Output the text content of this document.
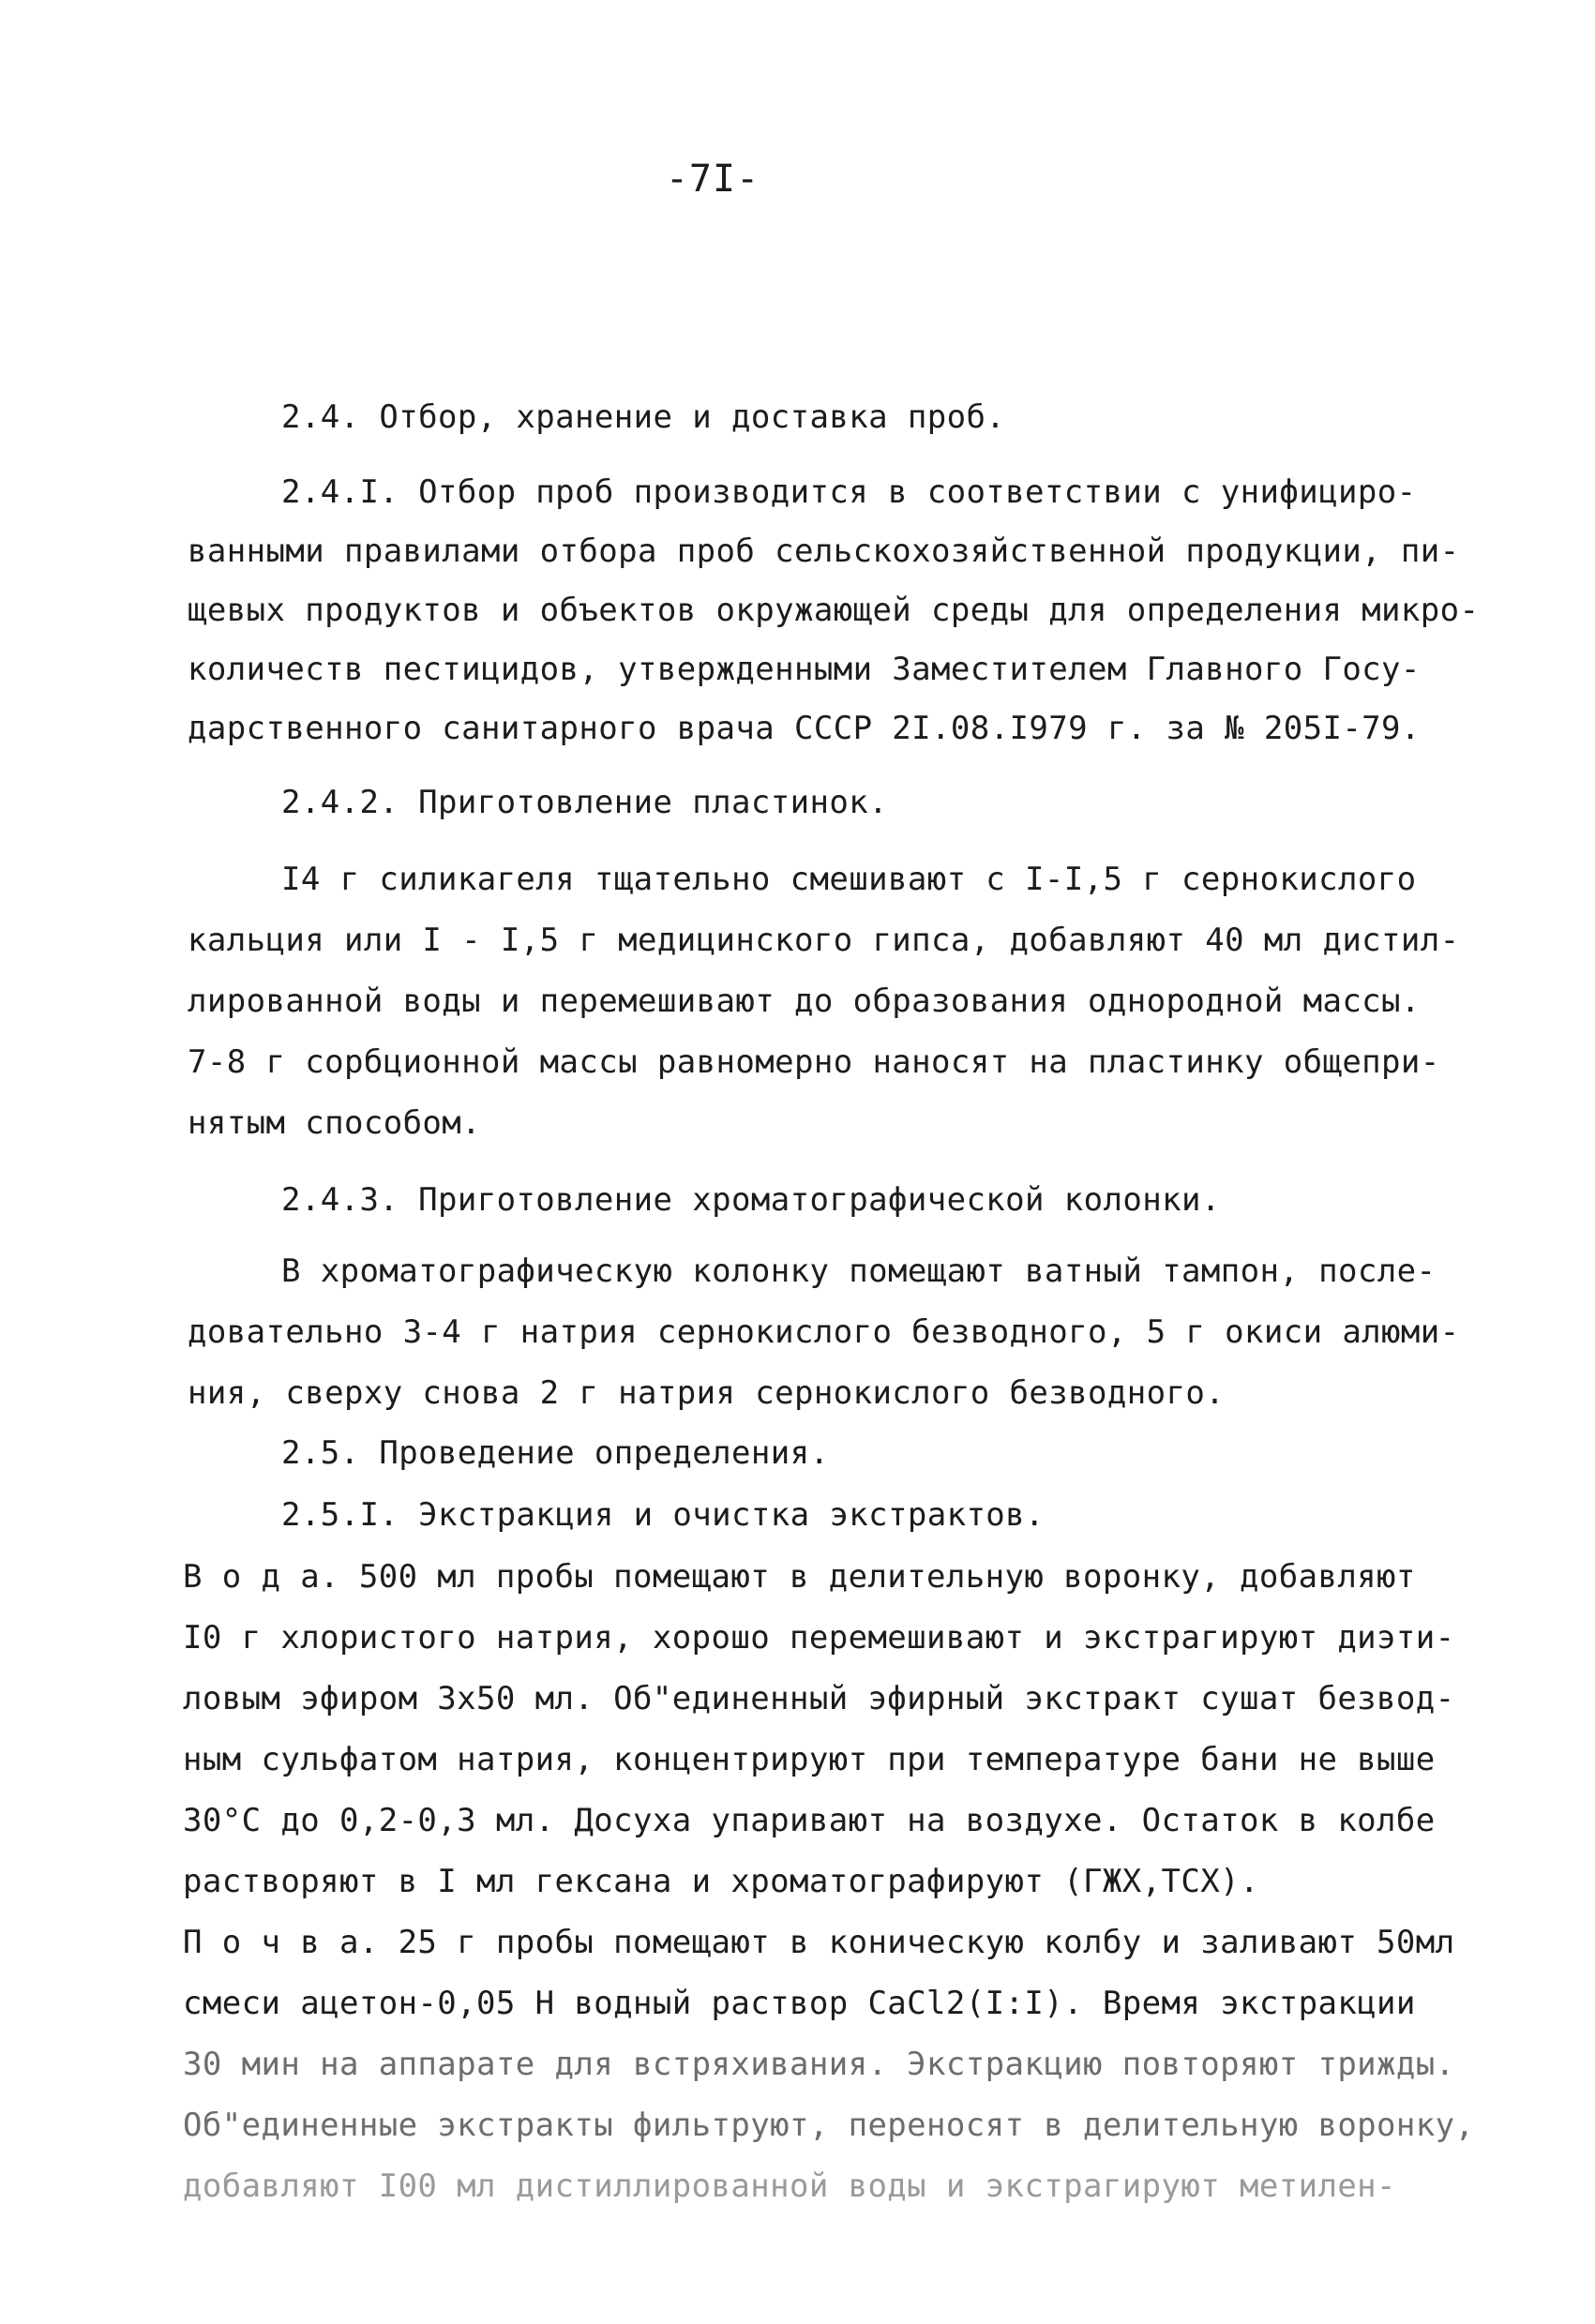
-7I-
2.4. Отбор, хранение и доставка проб.
2.4.I. Отбор проб производится в соответствии с унифициро-
ванными правилами отбора проб сельскохозяйственной продукции, пи-
щевых продуктов и объектов окружающей среды для определения микро-
количеств пестицидов, утвержденными Заместителем Главного Госу-
дарственного санитарного врача СССР 2I.08.I979 г. за № 205I-79.
2.4.2. Приготовление пластинок.
I4 г силикагеля тщательно смешивают с I-I,5 г сернокислого
кальция или I - I,5 г медицинского гипса, добавляют 40 мл дистил-
лированной воды и перемешивают до образования однородной массы.
7-8 г сорбционной массы равномерно наносят на пластинку общепри-
нятым способом.
2.4.3. Приготовление хроматографической колонки.
В хроматографическую колонку помещают ватный тампон, после-
довательно 3-4 г натрия сернокислого безводного, 5 г окиси алюми-
ния, сверху снова 2 г натрия сернокислого безводного.
2.5. Проведение определения.
2.5.I. Экстракция и очистка экстрактов.
В о д а. 500 мл пробы помещают в делительную воронку, добавляют
I0 г хлористого натрия, хорошо перемешивают и экстрагируют диэти-
ловым эфиром 3х50 мл. Об"единенный эфирный экстракт сушат безвод-
ным сульфатом натрия, концентрируют при температуре бани не выше
30°С до 0,2-0,3 мл. Досуха упаривают на воздухе. Остаток в колбе
растворяют в I мл гексана и хроматографируют (ГЖХ,ТСХ).
П о ч в а. 25 г пробы помещают в коническую колбу и заливают 50мл
смеси ацетон-0,05 Н водный раствор CaCl2(I:I). Время экстракции
30 мин на аппарате для встряхивания. Экстракцию повторяют трижды.
Об"единенные экстракты фильтруют, переносят в делительную воронку,
добавляют I00 мл дистиллированной воды и экстрагируют метилен-
